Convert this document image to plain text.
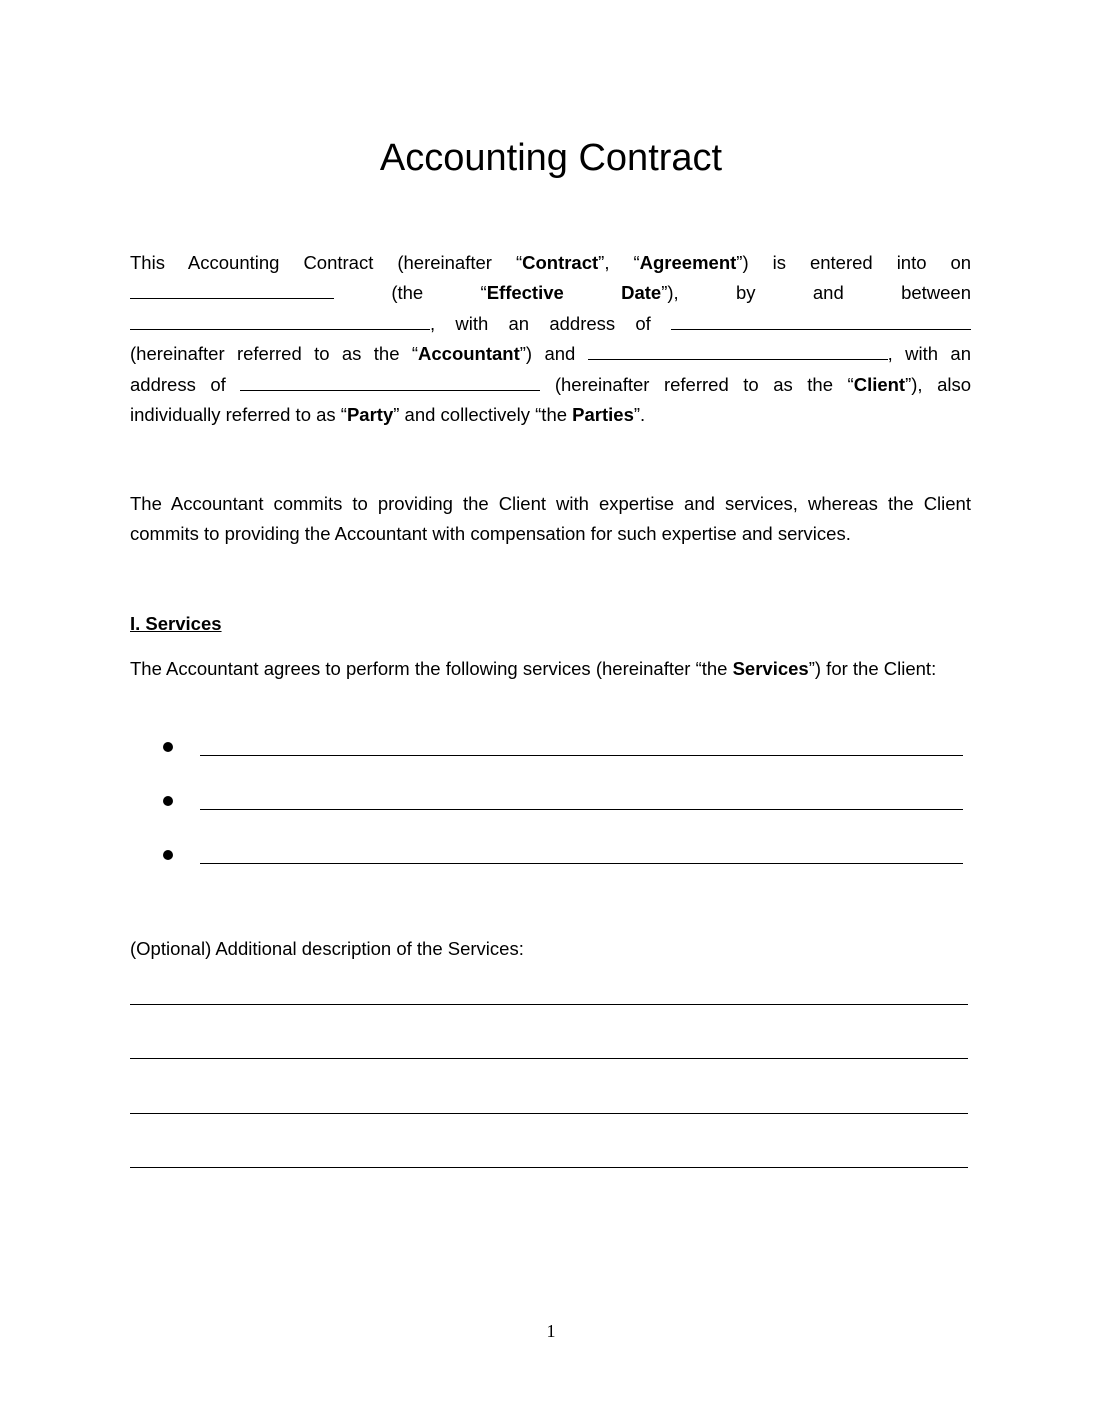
Accounting Contract
This Accounting Contract (hereinafter “Contract”, “Agreement”) is entered into on
(the	“Effective	Date”),	by	and	between
, with an address of
(hereinafter referred to as the “Accountant”) and	, with an
address of	(hereinafter referred to as the “Client”), also
individually referred to as “Party” and collectively “the Parties”.

The Accountant commits to providing the Client with expertise and services, whereas the Client commits to providing the Accountant with compensation for such expertise and services.

I. Services

The Accountant agrees to perform the following services (hereinafter “the Services”) for the Client:

(Optional) Additional description of the Services:

1
